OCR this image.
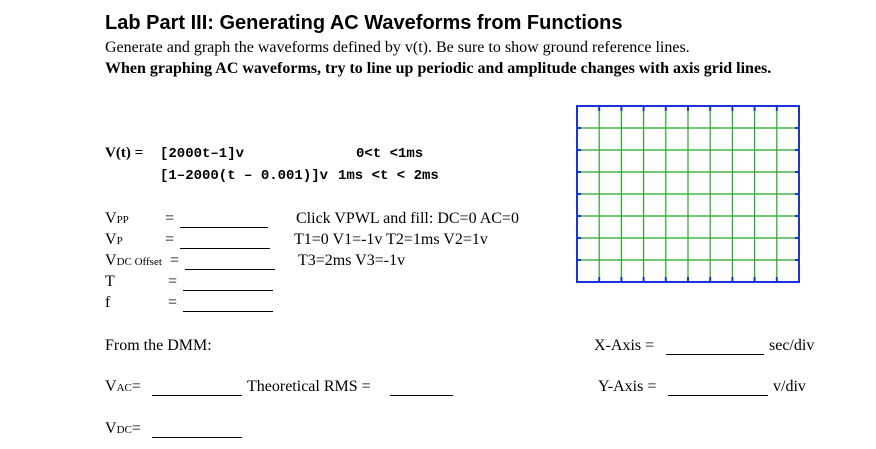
Lab Part III: Generating AC Waveforms from Functions
Generate and graph the waveforms defined by v(t). Be sure to show ground reference lines.
When graphing AC waveforms, try to line up periodic and amplitude changes with axis grid lines.
V(t) = [2000t–1]v	0<t <1ms
[1–2000(t – 0.001)]v 1ms <t < 2ms
VPP =
VP	=
VDC Offset =
T	=
f	=
Click VPWL and fill: DC=0 AC=0
T1=0 V1=-1v T2=1ms V2=1v
T3=2ms V3=-1v
From the DMM:
VAC=	Theoretical RMS =
VDC=
X-Axis =	sec/div
Y-Axis =	v/div
